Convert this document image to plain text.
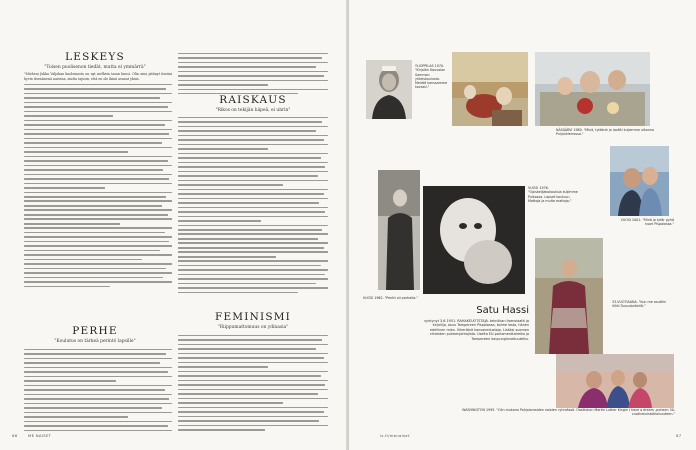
LESKEYS
"Toisen puolisenon tiedät, mutta ei ymmärrä"
"Mieheni Jukka Valjakan kuolemasta on nyt melkein tasan kuusi. Olin aina pitänyt itseäni hyvin itsenäisenä naisena, mutta tajusin, että en ole ikinä asunut yksin.
PERHE
"Koulutus on tärkeä perintö lapsille"
RAISKAUS
"Rikos on tekijän häpeä, ei uhrin"
FEMINISMI
"Riippumattomuus on ydinasia"
YLIOPPILAS 1970. "Kirjoitin Kouvolan Sammon yhteiskoulusta. Meidät kanssamme kovasti."
NÄSIJÄRVI 1980. "Minä, tyttäret ja isoäiti kuljemme ulkonna Puijonkierrossa."
VUOSI 1976. "Opiskelijakokouksia kuljimme Pulkassa. Lapset kouluun. Mattoja ja muita mattoja."
VUOSI 2001. "Minä ja tytär pyhä nuori Pispalassa."
VUOSI 1962. "Pentti oli parhaita."
Satu Hassi
syntynyt 3.6.1951. RAHAKEUOTSTAJA. tekniikan lisensiaatti ja kirjailija, asuu Tampereen Pispalassa, kolme lasta, hänen edellinen mies. Vihertävä kansanedustaja. Lisäksi suomen vihreiden puheenjohtajista. Useita EU-parlamenttaireiko ja Tampereen kaupunginvaltuutettu.
33-VUOTIAANA. "Kun me asuttiin Vihti-Tuusulantiellä."
WASHINGTON 1995. "Olin mukana Pohjoismaiden naisten ryhmässä. Osallistuin Martin Luther Kingin I have a dream -puheen 30-vuotismuistotilaisuuteen."
66	ME NAISET	is.fi/menaiset	67
